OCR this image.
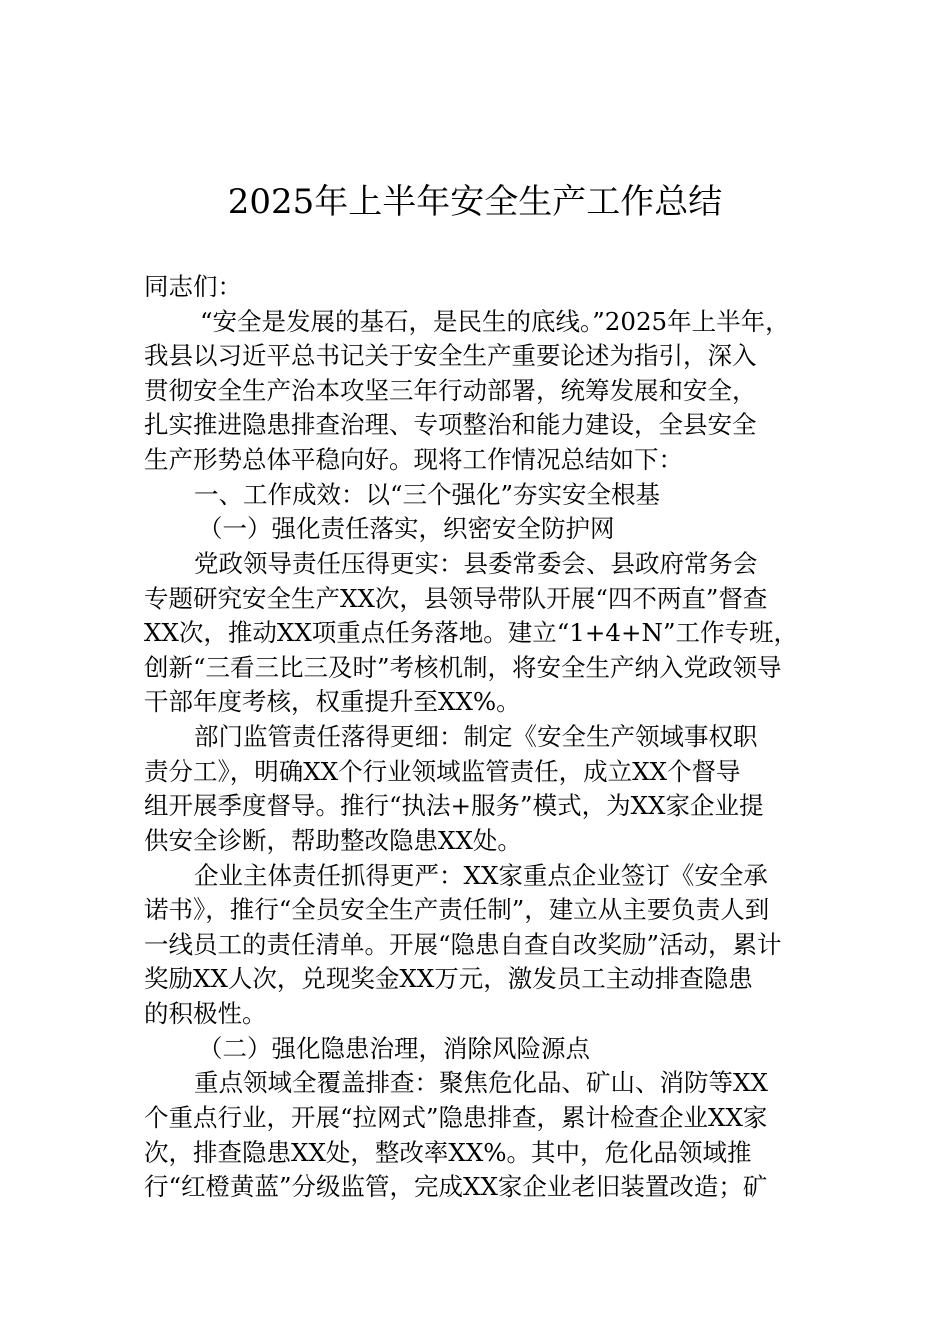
2025年上半年安全生产工作总结
同志们：
“安全是发展的基石，是民生的底线。”2025年上半年，
我县以习近平总书记关于安全生产重要论述为指引，深入
贯彻安全生产治本攻坚三年行动部署，统筹发展和安全，
扎实推进隐患排查治理、专项整治和能力建设，全县安全
生产形势总体平稳向好。现将工作情况总结如下：
一、工作成效：以“三个强化”夯实安全根基
（一）强化责任落实，织密安全防护网
党政领导责任压得更实：县委常委会、县政府常务会
专题研究安全生产XX次，县领导带队开展“四不两直”督查
XX次，推动XX项重点任务落地。建立“1+4+N”工作专班，
创新“三看三比三及时”考核机制，将安全生产纳入党政领导
干部年度考核，权重提升至XX%。
部门监管责任落得更细：制定《安全生产领域事权职
责分工》，明确XX个行业领域监管责任，成立XX个督导
组开展季度督导。推行“执法+服务”模式，为XX家企业提
供安全诊断，帮助整改隐患XX处。
企业主体责任抓得更严：XX家重点企业签订《安全承
诺书》，推行“全员安全生产责任制”，建立从主要负责人到
一线员工的责任清单。开展“隐患自查自改奖励”活动，累计
奖励XX人次，兑现奖金XX万元，激发员工主动排查隐患
的积极性。
（二）强化隐患治理，消除风险源点
重点领域全覆盖排查：聚焦危化品、矿山、消防等XX
个重点行业，开展“拉网式”隐患排查，累计检查企业XX家
次，排查隐患XX处，整改率XX%。其中，危化品领域推
行“红橙黄蓝”分级监管，完成XX家企业老旧装置改造；矿
